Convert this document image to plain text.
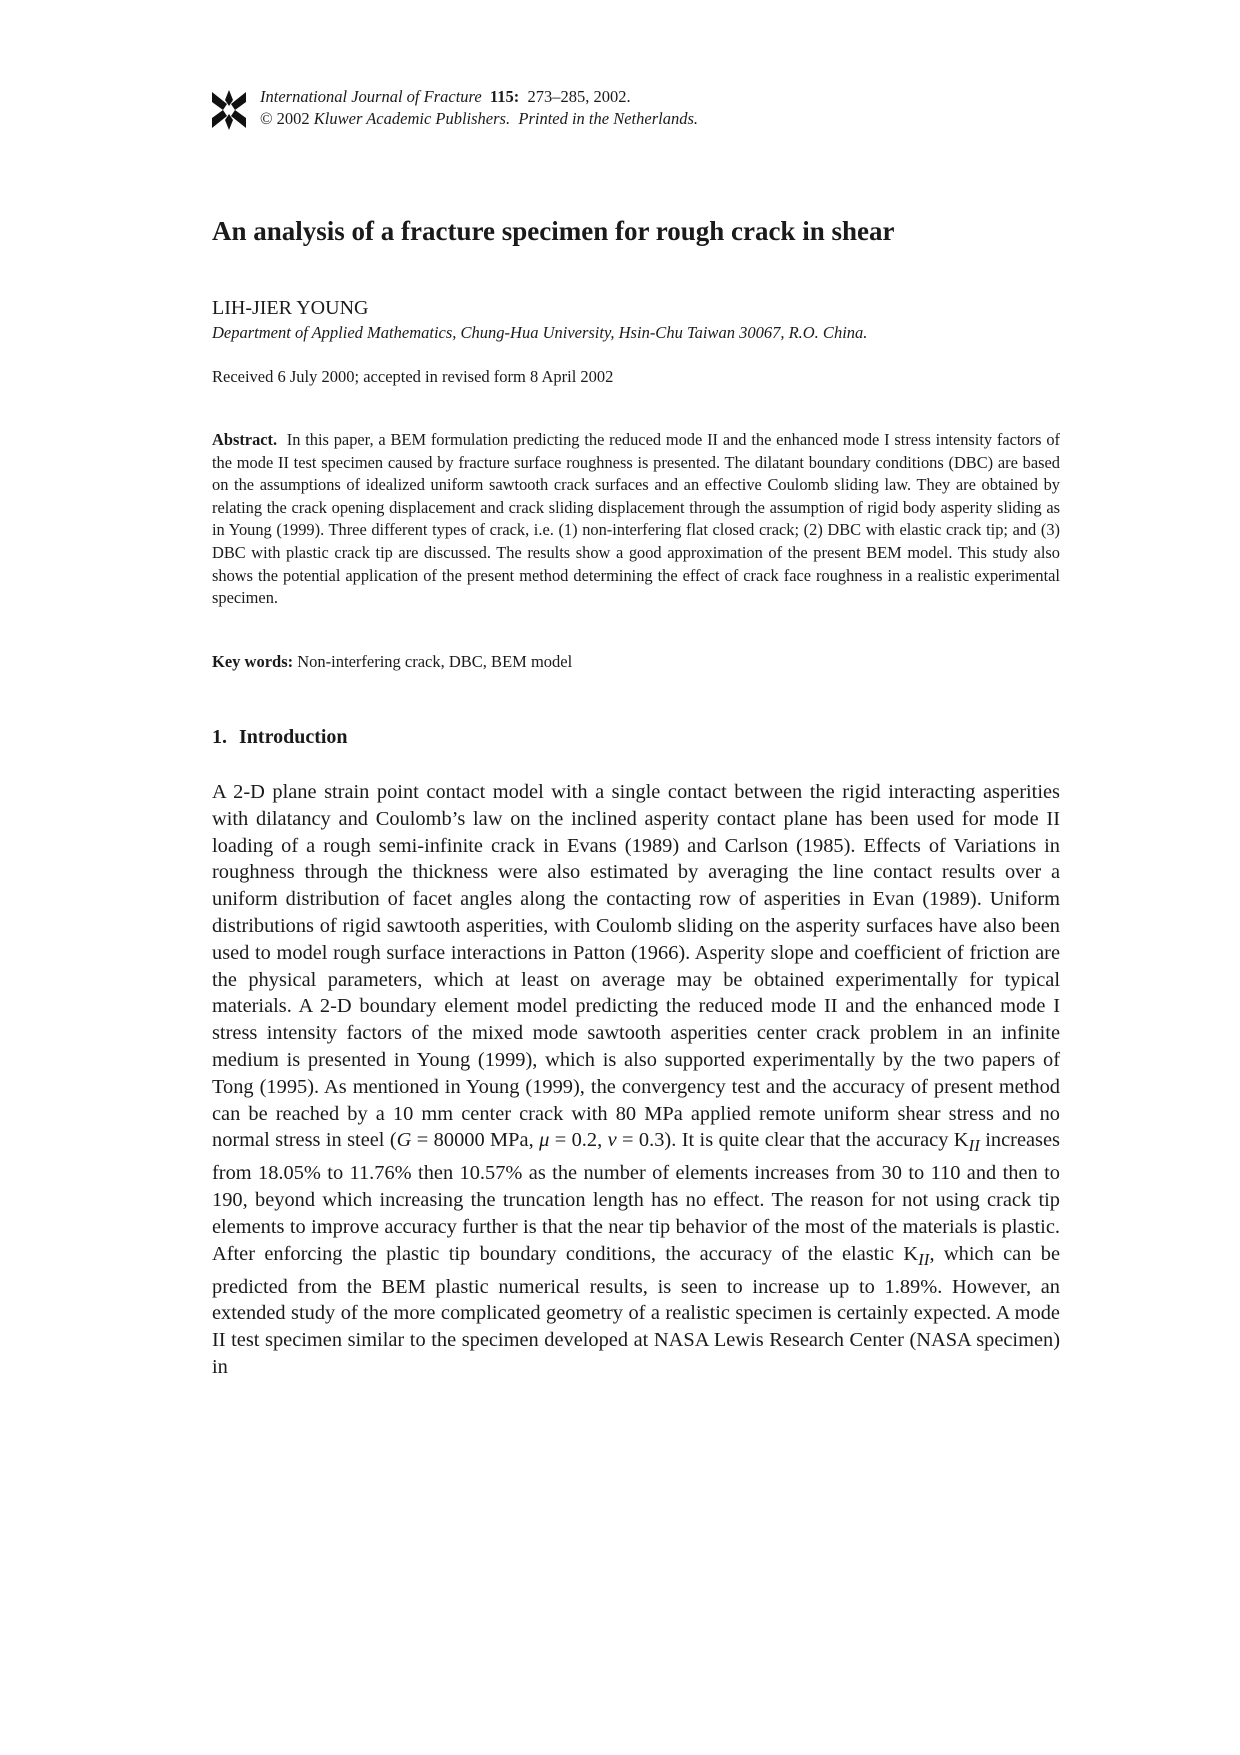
International Journal of Fracture 115: 273–285, 2002.
© 2002 Kluwer Academic Publishers. Printed in the Netherlands.
An analysis of a fracture specimen for rough crack in shear
LIH-JIER YOUNG
Department of Applied Mathematics, Chung-Hua University, Hsin-Chu Taiwan 30067, R.O. China.
Received 6 July 2000; accepted in revised form 8 April 2002

Abstract. In this paper, a BEM formulation predicting the reduced mode II and the enhanced mode I stress intensity factors of the mode II test specimen caused by fracture surface roughness is presented. The dilatant boundary conditions (DBC) are based on the assumptions of idealized uniform sawtooth crack surfaces and an effective Coulomb sliding law. They are obtained by relating the crack opening displacement and crack sliding displacement through the assumption of rigid body asperity sliding as in Young (1999). Three different types of crack, i.e. (1) non-interfering flat closed crack; (2) DBC with elastic crack tip; and (3) DBC with plastic crack tip are discussed. The results show a good approximation of the present BEM model. This study also shows the potential application of the present method determining the effect of crack face roughness in a realistic experimental specimen.

Key words: Non-interfering crack, DBC, BEM model
1. Introduction

A 2-D plane strain point contact model with a single contact between the rigid interacting asperities with dilatancy and Coulomb’s law on the inclined asperity contact plane has been used for mode II loading of a rough semi-infinite crack in Evans (1989) and Carlson (1985). Effects of Variations in roughness through the thickness were also estimated by averaging the line contact results over a uniform distribution of facet angles along the contacting row of asperities in Evan (1989). Uniform distributions of rigid sawtooth asperities, with Coulomb sliding on the asperity surfaces have also been used to model rough surface interactions in Patton (1966). Asperity slope and coefficient of friction are the physical parameters, which at least on average may be obtained experimentally for typical materials. A 2-D boundary element model predicting the reduced mode II and the enhanced mode I stress intensity factors of the mixed mode sawtooth asperities center crack problem in an infinite medium is presented in Young (1999), which is also supported experimentally by the two papers of Tong (1995). As mentioned in Young (1999), the convergency test and the accuracy of present method can be reached by a 10 mm center crack with 80 MPa applied remote uniform shear stress and no normal stress in steel (G = 80000 MPa, μ = 0.2, ν = 0.3). It is quite clear that the accuracy $K_{II}$ increases from 18.05% to 11.76% then 10.57% as the number of elements increases from 30 to 110 and then to 190, beyond which increasing the truncation length has no effect. The reason for not using crack tip elements to improve accuracy further is that the near tip behavior of the most of the materials is plastic. After enforcing the plastic tip boundary conditions, the accuracy of the elastic $K_{II}$, which can be predicted from the BEM plastic numerical results, is seen to increase up to 1.89%. However, an extended study of the more complicated geometry of a realistic specimen is certainly expected. A mode II test specimen similar to the specimen developed at NASA Lewis Research Center (NASA specimen) in
